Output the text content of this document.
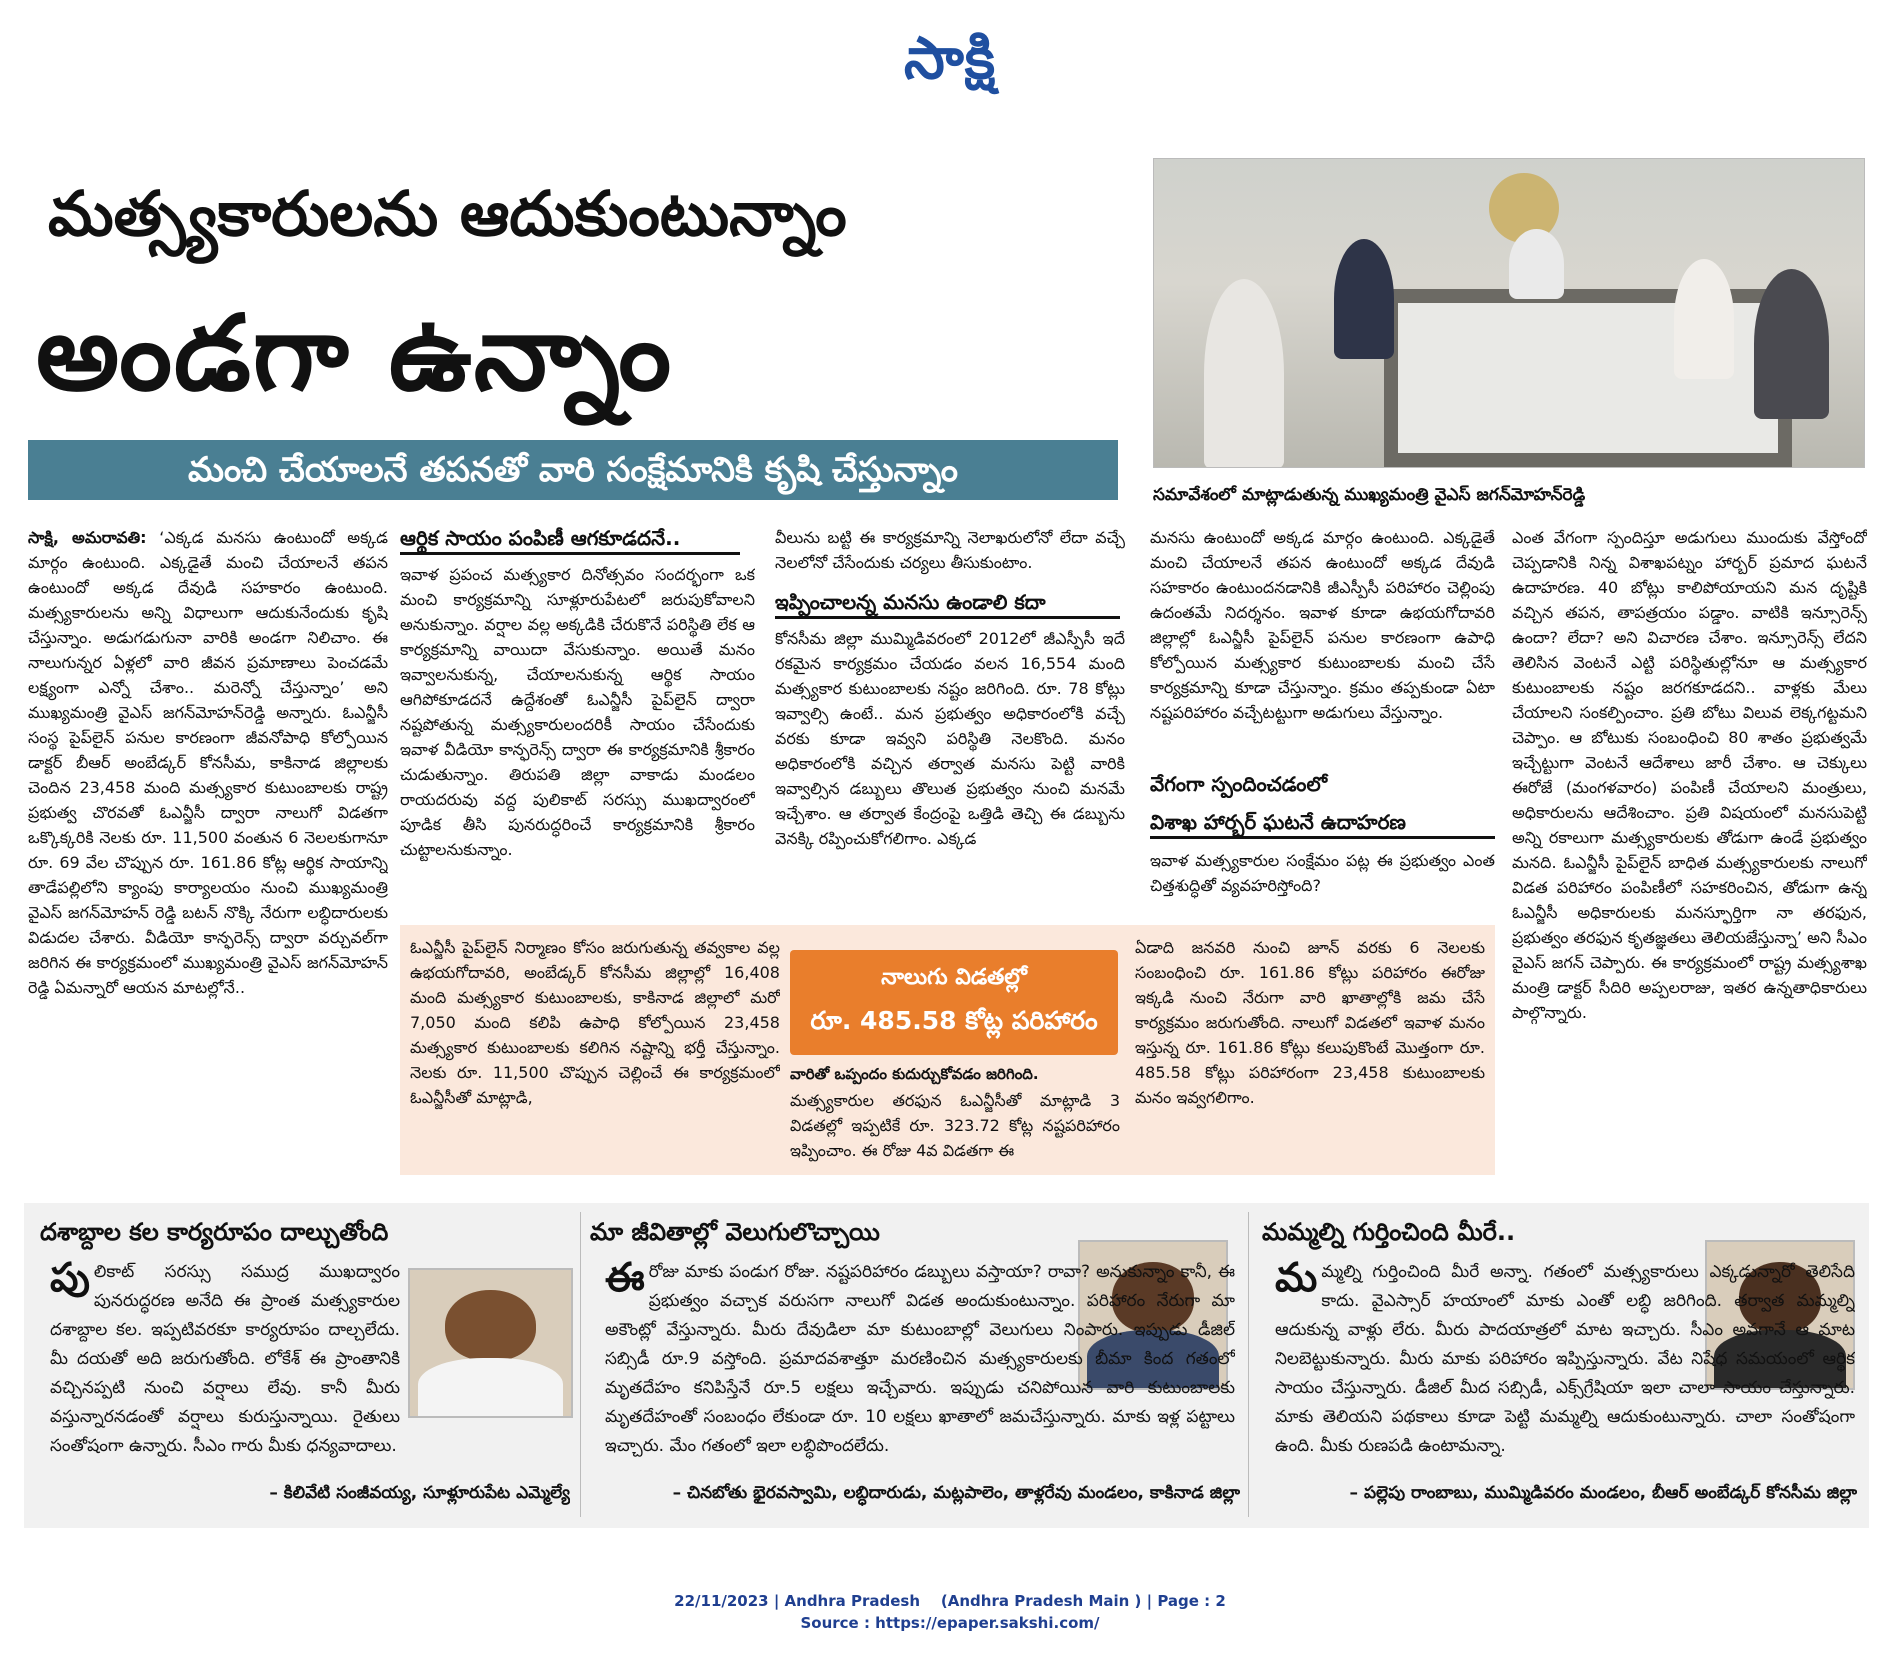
సాక్షి
మత్స్యకారులను ఆదుకుంటున్నాం
అండగా ఉన్నాం
మంచి చేయాలనే తపనతో వారి సంక్షేమానికి కృషి చేస్తున్నాం
సమావేశంలో మాట్లాడుతున్న ముఖ్యమంత్రి వైఎస్ జగన్‌మోహన్‌రెడ్డి

సాక్షి, అమరావతి: ‘ఎక్కడ మనసు ఉంటుందో అక్కడ మార్గం ఉంటుంది. ఎక్కడైతే మంచి చేయాలనే తపన ఉంటుందో అక్కడ దేవుడి సహకారం ఉంటుంది. మత్స్యకారులను అన్ని విధాలుగా ఆదుకునేందుకు కృషి చేస్తున్నాం. అడుగడుగునా వారికి అండగా నిలిచాం. ఈ నాలుగున్నర ఏళ్లలో వారి జీవన ప్రమాణాలు పెంచడమే లక్ష్యంగా ఎన్నో చేశాం.. మరెన్నో చేస్తున్నాం’ అని ముఖ్యమంత్రి వైఎస్ జగన్‌మోహన్‌రెడ్డి అన్నారు. ఓఎన్జీసీ సంస్థ పైప్‌లైన్ పనుల కారణంగా జీవనోపాధి కోల్పోయిన డాక్టర్ బీఆర్ అంబేడ్కర్ కోనసీమ, కాకినాడ జిల్లాలకు చెందిన 23,458 మంది మత్స్యకార కుటుంబాలకు రాష్ట్ర ప్రభుత్వ చొరవతో ఓఎన్జీసీ ద్వారా నాలుగో విడతగా ఒక్కొక్కరికి నెలకు రూ. 11,500 వంతున 6 నెలలకుగానూ రూ. 69 వేల చొప్పున రూ. 161.86 కోట్ల ఆర్థిక సాయాన్ని తాడేపల్లిలోని క్యాంపు కార్యాలయం నుంచి ముఖ్యమంత్రి వైఎస్ జగన్‌మోహన్ రెడ్డి బటన్ నొక్కి నేరుగా లబ్ధిదారులకు విడుదల చేశారు. వీడియో కాన్ఫరెన్స్ ద్వారా వర్చువల్‌గా జరిగిన ఈ కార్యక్రమంలో ముఖ్యమంత్రి వైఎస్ జగన్‌మోహన్ రెడ్డి ఏమన్నారో ఆయన మాటల్లోనే..

ఆర్థిక సాయం పంపిణీ ఆగకూడదనే..
ఇవాళ ప్రపంచ మత్స్యకార దినోత్సవం సందర్భంగా ఒక మంచి కార్యక్రమాన్ని సూళ్లూరుపేటలో జరుపుకోవాలని అనుకున్నాం. వర్షాల వల్ల అక్కడికి చేరుకొనే పరిస్థితి లేక ఆ కార్యక్రమాన్ని వాయిదా వేసుకున్నాం. అయితే మనం ఇవ్వాలనుకున్న, చేయాలనుకున్న ఆర్థిక సాయం ఆగిపోకూడదనే ఉద్దేశంతో ఓఎన్జీసీ పైప్‌లైన్ ద్వారా నష్టపోతున్న మత్స్యకారులందరికీ సాయం చేసేందుకు ఇవాళ వీడియో కాన్ఫరెన్స్ ద్వారా ఈ కార్యక్రమానికి శ్రీకారం చుడుతున్నాం. తిరుపతి జిల్లా వాకాడు మండలం రాయదరువు వద్ద పులికాట్ సరస్సు ముఖద్వారంలో పూడిక తీసి పునరుద్ధరించే కార్యక్రమానికి శ్రీకారం చుట్టాలనుకున్నాం.
వీలును బట్టి ఈ కార్యక్రమాన్ని నెలాఖరులోనో లేదా వచ్చే నెలలోనో చేసేందుకు చర్యలు తీసుకుంటాం.
ఇప్పించాలన్న మనసు ఉండాలి కదా
కోనసీమ జిల్లా ముమ్మిడివరంలో 2012లో జీఎస్పీసీ ఇదే రకమైన కార్యక్రమం చేయడం వలన 16,554 మంది మత్స్యకార కుటుంబాలకు నష్టం జరిగింది. రూ. 78 కోట్లు ఇవ్వాల్సి ఉంటే.. మన ప్రభుత్వం అధికారంలోకి వచ్చే వరకు కూడా ఇవ్వని పరిస్థితి నెలకొంది. మనం అధికారంలోకి వచ్చిన తర్వాత మనసు పెట్టి వారికి ఇవ్వాల్సిన డబ్బులు తొలుత ప్రభుత్వం నుంచి మనమే ఇచ్చేశాం. ఆ తర్వాత కేంద్రంపై ఒత్తిడి తెచ్చి ఈ డబ్బును వెనక్కి రప్పించుకోగలిగాం. ఎక్కడ
మనసు ఉంటుందో అక్కడ మార్గం ఉంటుంది. ఎక్కడైతే మంచి చేయాలనే తపన ఉంటుందో అక్కడ దేవుడి సహకారం ఉంటుందనడానికి జీఎస్పీసీ పరిహారం చెల్లింపు ఉదంతమే నిదర్శనం. ఇవాళ కూడా ఉభయగోదావరి జిల్లాల్లో ఓఎన్జీసీ పైప్‌లైన్ పనుల కారణంగా ఉపాధి కోల్పోయిన మత్స్యకార కుటుంబాలకు మంచి చేసే కార్యక్రమాన్ని కూడా చేస్తున్నాం. క్రమం తప్పకుండా ఏటా నష్టపరిహారం వచ్చేటట్టుగా అడుగులు వేస్తున్నాం.
వేగంగా స్పందించడంలో
విశాఖ హార్బర్ ఘటనే ఉదాహరణ
ఇవాళ మత్స్యకారుల సంక్షేమం పట్ల ఈ ప్రభుత్వం ఎంత చిత్తశుద్ధితో వ్యవహరిస్తోంది?
ఎంత వేగంగా స్పందిస్తూ అడుగులు ముందుకు వేస్తోందో చెప్పడానికి నిన్న విశాఖపట్నం హార్బర్ ప్రమాద ఘటనే ఉదాహరణ. 40 బోట్లు కాలిపోయాయని మన దృష్టికి వచ్చిన తపన, తాపత్రయం పడ్డాం. వాటికి ఇన్సూరెన్స్ ఉందా? లేదా? అని విచారణ చేశాం. ఇన్సూరెన్స్ లేదని తెలిసిన వెంటనే ఎట్టి పరిస్థితుల్లోనూ ఆ మత్స్యకార కుటుంబాలకు నష్టం జరగకూడదని.. వాళ్లకు మేలు చేయాలని సంకల్పించాం. ప్రతి బోటు విలువ లెక్కగట్టమని చెప్పాం. ఆ బోటుకు సంబంధించి 80 శాతం ప్రభుత్వమే ఇచ్చేట్టుగా వెంటనే ఆదేశాలు జారీ చేశాం. ఆ చెక్కులు ఈరోజే (మంగళవారం) పంపిణీ చేయాలని మంత్రులు, అధికారులను ఆదేశించాం. ప్రతి విషయంలో మనసుపెట్టి అన్ని రకాలుగా మత్స్యకారులకు తోడుగా ఉండే ప్రభుత్వం మనది. ఓఎన్జీసీ పైప్‌లైన్ బాధిత మత్స్యకారులకు నాలుగో విడత పరిహారం పంపిణీలో సహకరించిన, తోడుగా ఉన్న ఓఎన్జీసీ అధికారులకు మనస్ఫూర్తిగా నా తరఫున, ప్రభుత్వం తరఫున కృతజ్ఞతలు తెలియజేస్తున్నా’ అని సీఎం వైఎస్ జగన్ చెప్పారు. ఈ కార్యక్రమంలో రాష్ట్ర మత్స్యశాఖ మంత్రి డాక్టర్ సీదిరి అప్పలరాజు, ఇతర ఉన్నతాధికారులు పాల్గొన్నారు.
ఓఎన్జీసీ పైప్‌లైన్ నిర్మాణం కోసం జరుగుతున్న తవ్వకాల వల్ల ఉభయగోదావరి, అంబేడ్కర్ కోనసీమ జిల్లాల్లో 16,408 మంది మత్స్యకార కుటుంబాలకు, కాకినాడ జిల్లాలో మరో 7,050 మంది కలిపి ఉపాధి కోల్పోయిన 23,458 మత్స్యకార కుటుంబాలకు కలిగిన నష్టాన్ని భర్తీ చేస్తున్నాం. నెలకు రూ. 11,500 చొప్పున చెల్లించే ఈ కార్యక్రమంలో ఓఎన్జీసీతో మాట్లాడి,
నాలుగు విడతల్లో
రూ. 485.58 కోట్ల పరిహారం
వారితో ఒప్పందం కుదుర్చుకోవడం జరిగింది.
మత్స్యకారుల తరఫున ఓఎన్జీసీతో మాట్లాడి 3 విడతల్లో ఇప్పటికే రూ. 323.72 కోట్ల నష్టపరిహారం ఇప్పించాం. ఈ రోజు 4వ విడతగా ఈ
ఏడాది జనవరి నుంచి జూన్ వరకు 6 నెలలకు సంబంధించి రూ. 161.86 కోట్లు పరిహారం ఈరోజు ఇక్కడి నుంచి నేరుగా వారి ఖాతాల్లోకి జమ చేసే కార్యక్రమం జరుగుతోంది. నాలుగో విడతలో ఇవాళ మనం ఇస్తున్న రూ. 161.86 కోట్లు కలుపుకొంటే మొత్తంగా రూ. 485.58 కోట్లు పరిహారంగా 23,458 కుటుంబాలకు మనం ఇవ్వగలిగాం.
దశాబ్దాల కల కార్యరూపం దాల్చుతోంది

పులికాట్ సరస్సు సముద్ర ముఖద్వారం పునరుద్ధరణ అనేది ఈ ప్రాంత మత్స్యకారుల దశాబ్దాల కల. ఇప్పటివరకూ కార్యరూపం దాల్చలేదు. మీ దయతో అది జరుగుతోంది. లోకేశ్ ఈ ప్రాంతానికి వచ్చినప్పటి నుంచి వర్షాలు లేవు. కానీ మీరు వస్తున్నారనడంతో వర్షాలు కురుస్తున్నాయి. రైతులు సంతోషంగా ఉన్నారు. సీఎం గారు మీకు ధన్యవాదాలు.

– కిలివేటి సంజీవయ్య, సూళ్లూరుపేట ఎమ్మెల్యే
మా జీవితాల్లో వెలుగులొచ్చాయి

ఈరోజు మాకు పండుగ రోజు. నష్టపరిహారం డబ్బులు వస్తాయా? రావా? అనుకున్నాం కానీ, ఈ ప్రభుత్వం వచ్చాక వరుసగా నాలుగో విడత అందుకుంటున్నాం. పరిహారం నేరుగా మా అకౌంట్లో వేస్తున్నారు. మీరు దేవుడిలా మా కుటుంబాల్లో వెలుగులు నింపారు. ఇప్పుడు డీజిల్ సబ్సిడీ రూ.9 వస్తోంది. ప్రమాదవశాత్తూ మరణించిన మత్స్యకారులకు బీమా కింద గతంలో మృతదేహం కనిపిస్తేనే రూ.5 లక్షలు ఇచ్చేవారు. ఇప్పుడు చనిపోయిన వారి కుటుంబాలకు మృతదేహంతో సంబంధం లేకుండా రూ. 10 లక్షలు ఖాతాలో జమచేస్తున్నారు. మాకు ఇళ్ల పట్టాలు ఇచ్చారు. మేం గతంలో ఇలా లబ్ధిపొందలేదు.

– చినబోతు భైరవస్వామి, లబ్ధిదారుడు, మట్లపాలెం, తాళ్లరేవు మండలం, కాకినాడ జిల్లా
మమ్మల్ని గుర్తించింది మీరే..

మమ్మల్ని గుర్తించింది మీరే అన్నా. గతంలో మత్స్యకారులు ఎక్కడున్నారో తెలిసేది కాదు. వైఎస్సార్ హయాంలో మాకు ఎంతో లబ్ధి జరిగింది. తర్వాత మమ్మల్ని ఆదుకున్న వాళ్లు లేరు. మీరు పాదయాత్రలో మాట ఇచ్చారు. సీఎం అవగానే ఆ మాట నిలబెట్టుకున్నారు. మీరు మాకు పరిహారం ఇప్పిస్తున్నారు. వేట నిషేధ సమయంలో ఆర్థిక సాయం చేస్తున్నారు. డీజిల్ మీద సబ్సిడీ, ఎక్స్‌గ్రేషియా ఇలా చాలా సాయం చేస్తున్నారు. మాకు తెలియని పథకాలు కూడా పెట్టి మమ్మల్ని ఆదుకుంటున్నారు. చాలా సంతోషంగా ఉంది. మీకు రుణపడి ఉంటామన్నా.

– పల్లెపు రాంబాబు, ముమ్మిడివరం మండలం, బీఆర్ అంబేడ్కర్ కోనసీమ జిల్లా
22/11/2023 | Andhra Pradesh    (Andhra Pradesh Main ) | Page : 2
Source : https://epaper.sakshi.com/
